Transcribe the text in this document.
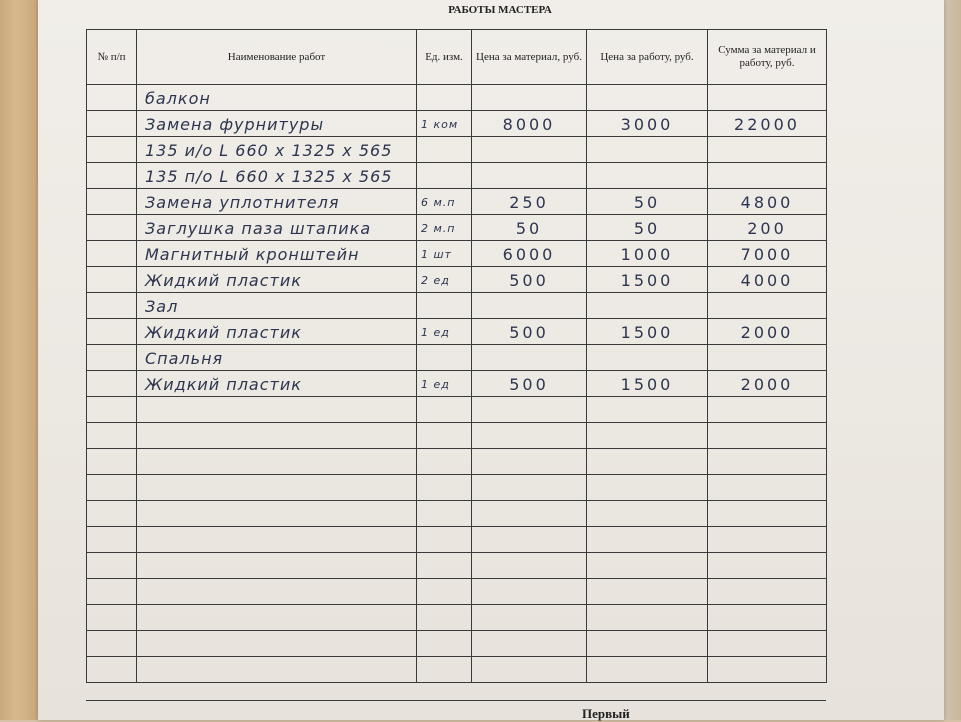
РАБОТЫ МАСТЕРА
№ п/п	Наименование работ	Ед. изм.	Цена за материал, руб.	Цена за работу, руб.	Сумма за материал и работу, руб.
	балкон				
	Замена фурнитуры	1 ком	8000	3000	22000
	135 и/о L 660 x 1325 x 565				
	135 п/о L 660 x 1325 x 565				
	Замена уплотнителя	6 м.п	250	50	4800
	Заглушка паза штапика	2 м.п	50	50	200
	Магнитный кронштейн	1 шт	6000	1000	7000
	Жидкий пластик	2 ед	500	1500	4000
	Зал				
	Жидкий пластик	1 ед	500	1500	2000
	Спальня				
	Жидкий пластик	1 ед	500	1500	2000

Первый
